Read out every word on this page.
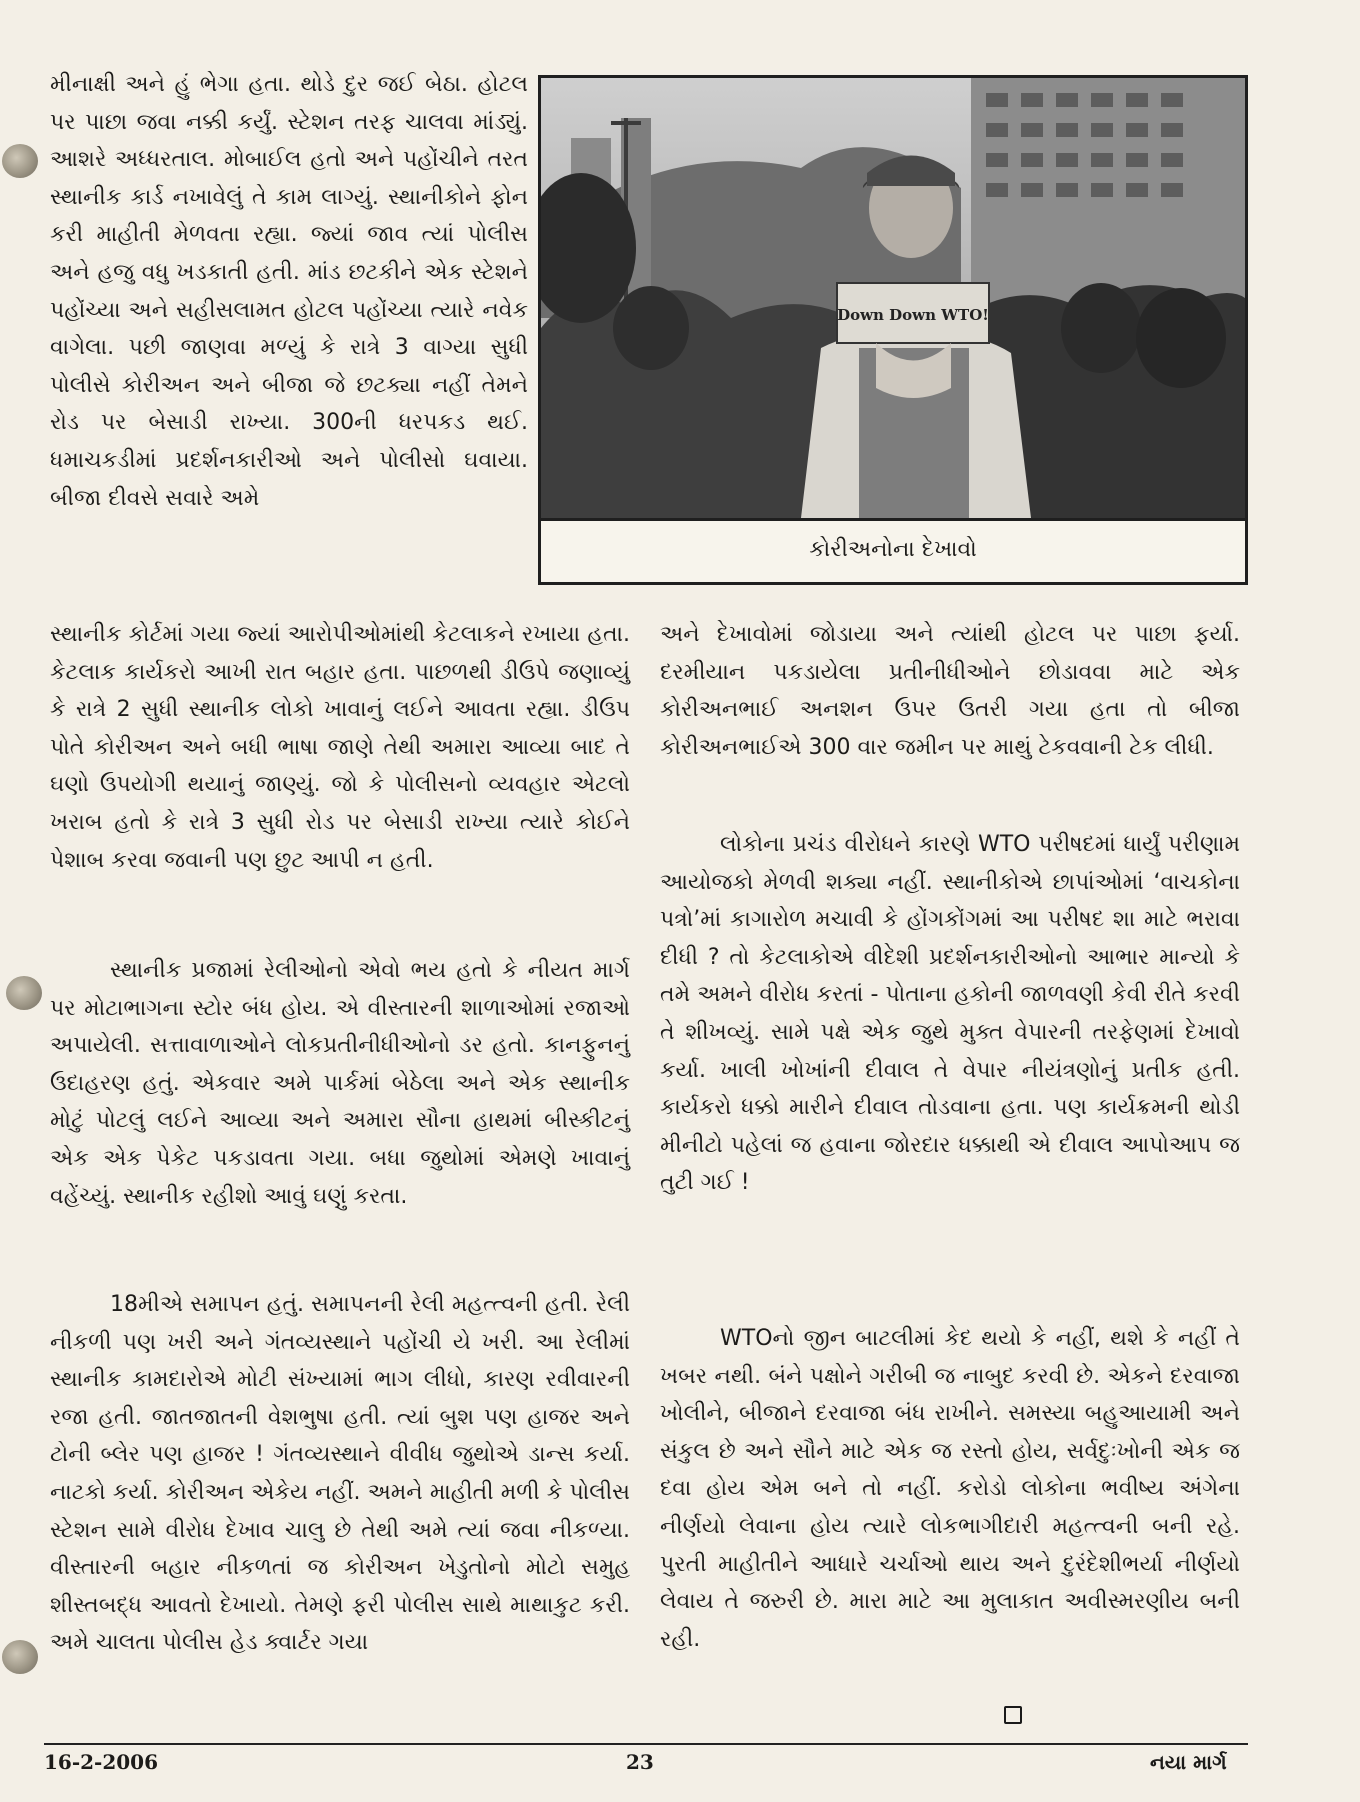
મીનાક્ષી અને હું ભેગા હતા. થોડે દુર જઈ બેઠા. હોટલ પર પાછા જવા નક્કી કર્યું. સ્ટેશન તરફ ચાલવા માંડ્યું. આશરે અધ્ધરતાલ. મોબાઈલ હતો અને પહોંચીને તરત સ્થાનીક કાર્ડ નખાવેલું તે કામ લાગ્યું. સ્થાનીકોને ફોન કરી માહીતી મેળવતા રહ્યા. જ્યાં જાવ ત્યાં પોલીસ અને હજુ વધુ ખડકાતી હતી. માંડ છટકીને એક સ્ટેશને પહોંચ્યા અને સહીસલામત હોટલ પહોંચ્યા ત્યારે નવેક વાગેલા. પછી જાણવા મળ્યું કે રાત્રે 3 વાગ્યા સુધી પોલીસે કોરીઅન અને બીજા જે છટક્યા નહીં તેમને રોડ પર બેસાડી રાખ્યા. 300ની ધરપકડ થઈ. ધમાચકડીમાં પ્રદર્શનકારીઓ અને પોલીસો ઘવાયા. બીજા દીવસે સવારે અમે

Down Down WTO!
કોરીઅનોના દેખાવો

સ્થાનીક કોર્ટમાં ગયા જ્યાં આરોપીઓમાંથી કેટલાકને રખાયા હતા. કેટલાક કાર્યકરો આખી રાત બહાર હતા. પાછળથી ડીઉપે જણાવ્યું કે રાત્રે 2 સુધી સ્થાનીક લોકો ખાવાનું લઈને આવતા રહ્યા. ડીઉપ પોતે કોરીઅન અને બધી ભાષા જાણે તેથી અમારા આવ્યા બાદ તે ઘણો ઉપયોગી થયાનું જાણ્યું. જો કે પોલીસનો વ્યવહાર એટલો ખરાબ હતો કે રાત્રે 3 સુધી રોડ પર બેસાડી રાખ્યા ત્યારે કોઈને પેશાબ કરવા જવાની પણ છુટ આપી ન હતી.

સ્થાનીક પ્રજામાં રેલીઓનો એવો ભય હતો કે નીયત માર્ગ પર મોટાભાગના સ્ટોર બંધ હોય. એ વીસ્તારની શાળાઓમાં રજાઓ અપાયેલી. સત્તાવાળાઓને લોકપ્રતીનીધીઓનો ડર હતો. કાનફુનનું ઉદાહરણ હતું. એકવાર અમે પાર્કમાં બેઠેલા અને એક સ્થાનીક મોટું પોટલું લઈને આવ્યા અને અમારા સૌના હાથમાં બીસ્કીટનું એક એક પેકેટ પકડાવતા ગયા. બધા જુથોમાં એમણે ખાવાનું વહેંચ્યું. સ્થાનીક રહીશો આવું ઘણું કરતા.

18મીએ સમાપન હતું. સમાપનની રેલી મહત્ત્વની હતી. રેલી નીકળી પણ ખરી અને ગંતવ્યસ્થાને પહોંચી યે ખરી. આ રેલીમાં સ્થાનીક કામદારોએ મોટી સંખ્યામાં ભાગ લીધો, કારણ રવીવારની રજા હતી. જાતજાતની વેશભુષા હતી. ત્યાં બુશ પણ હાજર અને ટોની બ્લેર પણ હાજર ! ગંતવ્યસ્થાને વીવીધ જુથોએ ડાન્સ કર્યા. નાટકો કર્યા. કોરીઅન એકેય નહીં. અમને માહીતી મળી કે પોલીસ સ્ટેશન સામે વીરોધ દેખાવ ચાલુ છે તેથી અમે ત્યાં જવા નીકળ્યા. વીસ્તારની બહાર નીકળતાં જ કોરીઅન ખેડુતોનો મોટો સમુહ શીસ્તબદ્ધ આવતો દેખાયો. તેમણે ફરી પોલીસ સાથે માથાકુટ કરી. અમે ચાલતા પોલીસ હેડ ક્વાર્ટર ગયા

અને દેખાવોમાં જોડાયા અને ત્યાંથી હોટલ પર પાછા ફર્યા. દરમીયાન પકડાયેલા પ્રતીનીધીઓને છોડાવવા માટે એક કોરીઅનભાઈ અનશન ઉપર ઉતરી ગયા હતા તો બીજા કોરીઅનભાઈએ 300 વાર જમીન પર માથું ટેકવવાની ટેક લીધી.

લોકોના પ્રચંડ વીરોધને કારણે WTO પરીષદમાં ધાર્યું પરીણામ આયોજકો મેળવી શક્યા નહીં. સ્થાનીકોએ છાપાંઓમાં ‘વાચકોના પત્રો’માં કાગારોળ મચાવી કે હોંગકોંગમાં આ પરીષદ શા માટે ભરાવા દીધી ? તો કેટલાકોએ વીદેશી પ્રદર્શનકારીઓનો આભાર માન્યો કે તમે અમને વીરોધ કરતાં - પોતાના હકોની જાળવણી કેવી રીતે કરવી તે શીખવ્યું. સામે પક્ષે એક જુથે મુક્ત વેપારની તરફેણમાં દેખાવો કર્યા. ખાલી ખોખાંની દીવાલ તે વેપાર નીયંત્રણોનું પ્રતીક હતી. કાર્યકરો ધક્કો મારીને દીવાલ તોડવાના હતા. પણ કાર્યક્રમની થોડી મીનીટો પહેલાં જ હવાના જોરદાર ધક્કાથી એ દીવાલ આપોઆપ જ તુટી ગઈ !

WTOનો જીન બાટલીમાં કેદ થયો કે નહીં, થશે કે નહીં તે ખબર નથી. બંને પક્ષોને ગરીબી જ નાબુદ કરવી છે. એકને દરવાજા ખોલીને, બીજાને દરવાજા બંધ રાખીને. સમસ્યા બહુઆયામી અને સંકુલ છે અને સૌને માટે એક જ રસ્તો હોય, સર્વદુઃખોની એક જ દવા હોય એમ બને તો નહીં. કરોડો લોકોના ભવીષ્ય અંગેના નીર્ણયો લેવાના હોય ત્યારે લોકભાગીદારી મહત્ત્વની બની રહે. પુરતી માહીતીને આધારે ચર્ચાઓ થાય અને દુરંદેશીભર્યા નીર્ણયો લેવાય તે જરુરી છે. મારા માટે આ મુલાકાત અવીસ્મરણીય બની રહી.

16-2-2006	23	નયા માર્ગ
